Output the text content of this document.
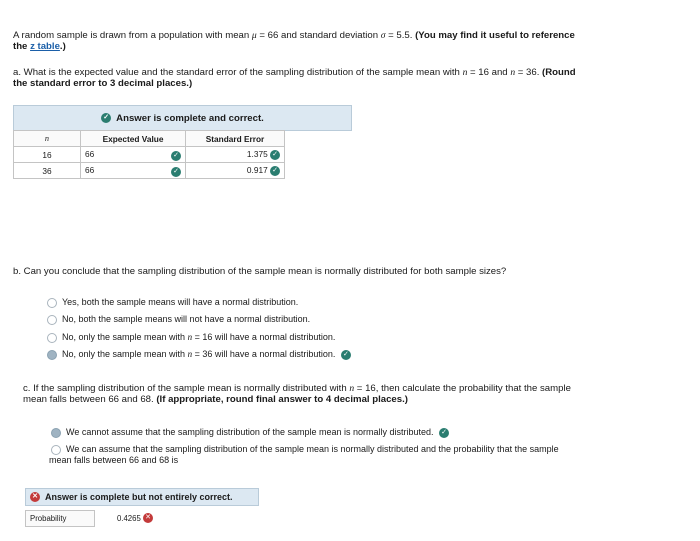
A random sample is drawn from a population with mean μ = 66 and standard deviation σ = 5.5. (You may find it useful to reference
the z table.)
a. What is the expected value and the standard error of the sampling distribution of the sample mean with n = 16 and n = 36. (Round
the standard error to 3 decimal places.)
✓ Answer is complete and correct.
n	Expected Value	Standard Error
16	66 ✓	1.375 ✓
36	66 ✓	0.917 ✓
b. Can you conclude that the sampling distribution of the sample mean is normally distributed for both sample sizes?
Yes, both the sample means will have a normal distribution.
No, both the sample means will not have a normal distribution.
No, only the sample mean with n = 16 will have a normal distribution.
No, only the sample mean with n = 36 will have a normal distribution. ✓
c. If the sampling distribution of the sample mean is normally distributed with n = 16, then calculate the probability that the sample
mean falls between 66 and 68. (If appropriate, round final answer to 4 decimal places.)
We cannot assume that the sampling distribution of the sample mean is normally distributed. ✓
We can assume that the sampling distribution of the sample mean is normally distributed and the probability that the sample
mean falls between 66 and 68 is
✕ Answer is complete but not entirely correct.
Probability	0.4265 ✕
